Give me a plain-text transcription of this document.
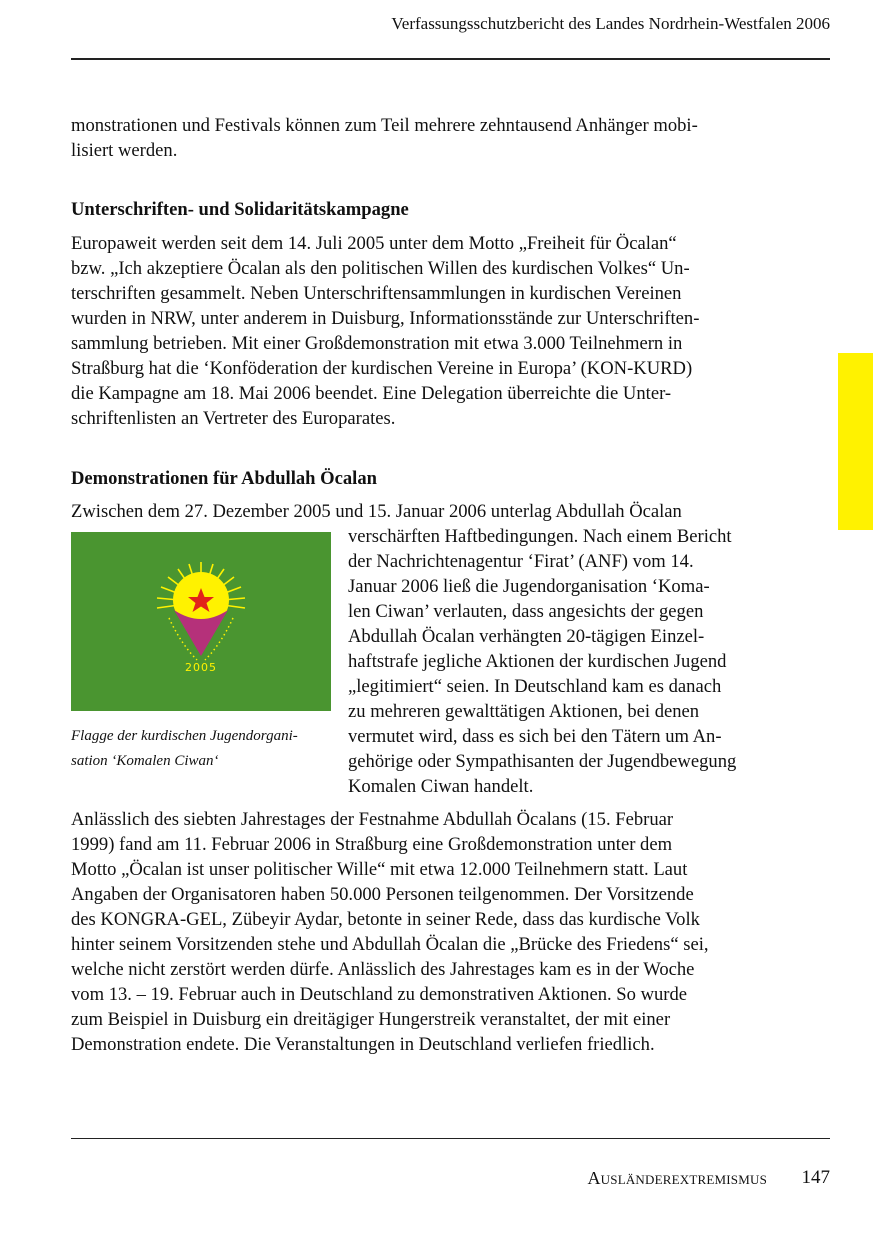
Verfassungsschutzbericht des Landes Nordrhein-Westfalen 2006

monstrationen und Festivals können zum Teil mehrere zehntausend Anhänger mobi-
lisiert werden.

Unterschriften- und Solidaritätskampagne

Europaweit werden seit dem 14. Juli 2005 unter dem Motto „Freiheit für Öcalan“
bzw. „Ich akzeptiere Öcalan als den politischen Willen des kurdischen Volkes“ Un-
terschriften gesammelt. Neben Unterschriftensammlungen in kurdischen Vereinen
wurden in NRW, unter anderem in Duisburg, Informationsstände zur Unterschriften-
sammlung betrieben. Mit einer Großdemonstration mit etwa 3.000 Teilnehmern in
Straßburg hat die ‘Konföderation der kurdischen Vereine in Europa’ (KON-KURD)
die Kampagne am 18. Mai 2006 beendet. Eine Delegation überreichte die Unter-
schriftenlisten an Vertreter des Europarates.

Demonstrationen für Abdullah Öcalan

Zwischen dem 27. Dezember 2005 und 15. Januar 2006 unterlag Abdullah Öcalan

2005
Flagge der kurdischen Jugendorgani-
sation ‘Komalen Ciwan‘
verschärften Haftbedingungen. Nach einem Bericht
der Nachrichtenagentur ‘Firat’ (ANF) vom 14.
Januar 2006 ließ die Jugendorganisation ‘Koma-
len Ciwan’ verlauten, dass angesichts der gegen
Abdullah Öcalan verhängten 20-tägigen Einzel-
haftstrafe jegliche Aktionen der kurdischen Jugend
„legitimiert“ seien. In Deutschland kam es danach
zu mehreren gewalttätigen Aktionen, bei denen
vermutet wird, dass es sich bei den Tätern um An-
gehörige oder Sympathisanten der Jugendbewegung
Komalen Ciwan handelt.

Anlässlich des siebten Jahrestages der Festnahme Abdullah Öcalans (15. Februar
1999) fand am 11. Februar 2006 in Straßburg eine Großdemonstration unter dem
Motto „Öcalan ist unser politischer Wille“ mit etwa 12.000 Teilnehmern statt. Laut
Angaben der Organisatoren haben 50.000 Personen teilgenommen. Der Vorsitzende
des KONGRA-GEL, Zübeyir Aydar, betonte in seiner Rede, dass das kurdische Volk
hinter seinem Vorsitzenden stehe und Abdullah Öcalan die „Brücke des Friedens“ sei,
welche nicht zerstört werden dürfe. Anlässlich des Jahrestages kam es in der Woche
vom 13. – 19. Februar auch in Deutschland zu demonstrativen Aktionen. So wurde
zum Beispiel in Duisburg ein dreitägiger Hungerstreik veranstaltet, der mit einer
Demonstration endete. Die Veranstaltungen in Deutschland verliefen friedlich.

Ausländerextremismus 147
